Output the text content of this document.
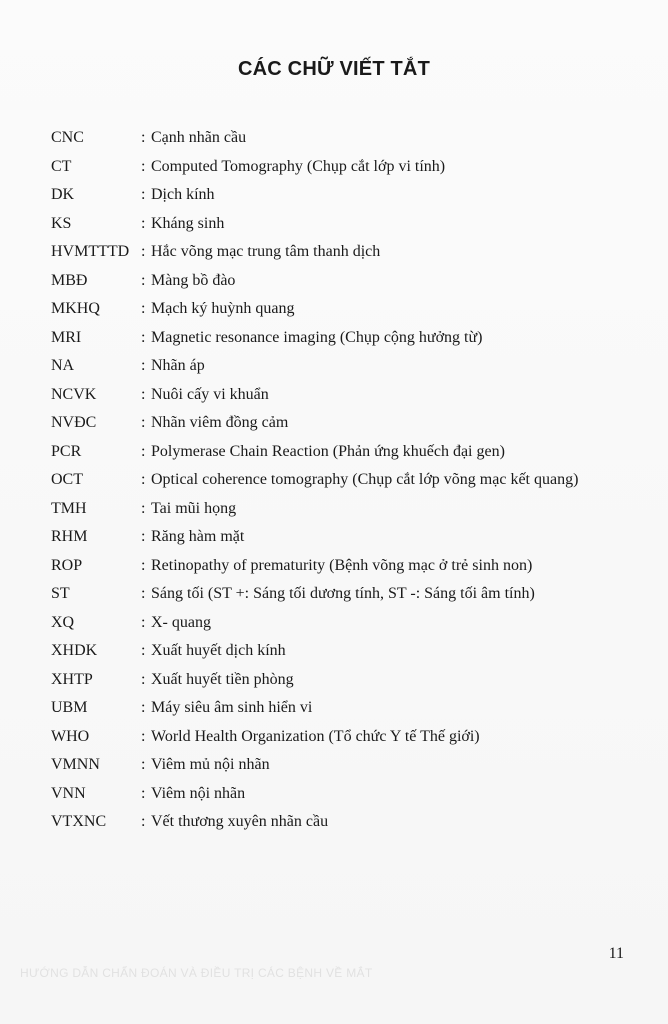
CÁC CHỮ VIẾT TẮT
CNC	: Cạnh nhãn cầu
CT	: Computed Tomography (Chụp cắt lớp vi tính)
DK	: Dịch kính
KS	: Kháng sinh
HVMTTTD : Hắc võng mạc trung tâm thanh dịch
MBĐ	: Màng bồ đào
MKHQ	: Mạch ký huỳnh quang
MRI	: Magnetic resonance imaging (Chụp cộng hưởng từ)
NA	: Nhãn áp
NCVK	: Nuôi cấy vi khuẩn
NVĐC	: Nhãn viêm đồng cảm
PCR	: Polymerase Chain Reaction (Phản ứng khuếch đại gen)
OCT	: Optical coherence tomography (Chụp cắt lớp võng mạc kết quang)
TMH	: Tai mũi họng
RHM	: Răng hàm mặt
ROP	: Retinopathy of prematurity (Bệnh võng mạc ở trẻ sinh non)
ST	: Sáng tối (ST +: Sáng tối dương tính, ST -: Sáng tối âm tính)
XQ	: X- quang
XHDK	: Xuất huyết dịch kính
XHTP	: Xuất huyết tiền phòng
UBM	: Máy siêu âm sinh hiển vi
WHO	: World Health Organization (Tổ chức Y tế Thế giới)
VMNN	: Viêm mủ nội nhãn
VNN	: Viêm nội nhãn
VTXNC	: Vết thương xuyên nhãn cầu
HƯỚNG DẪN CHẨN ĐOÁN VÀ ĐIỀU TRỊ CÁC BỆNH VỀ MẮT
11
